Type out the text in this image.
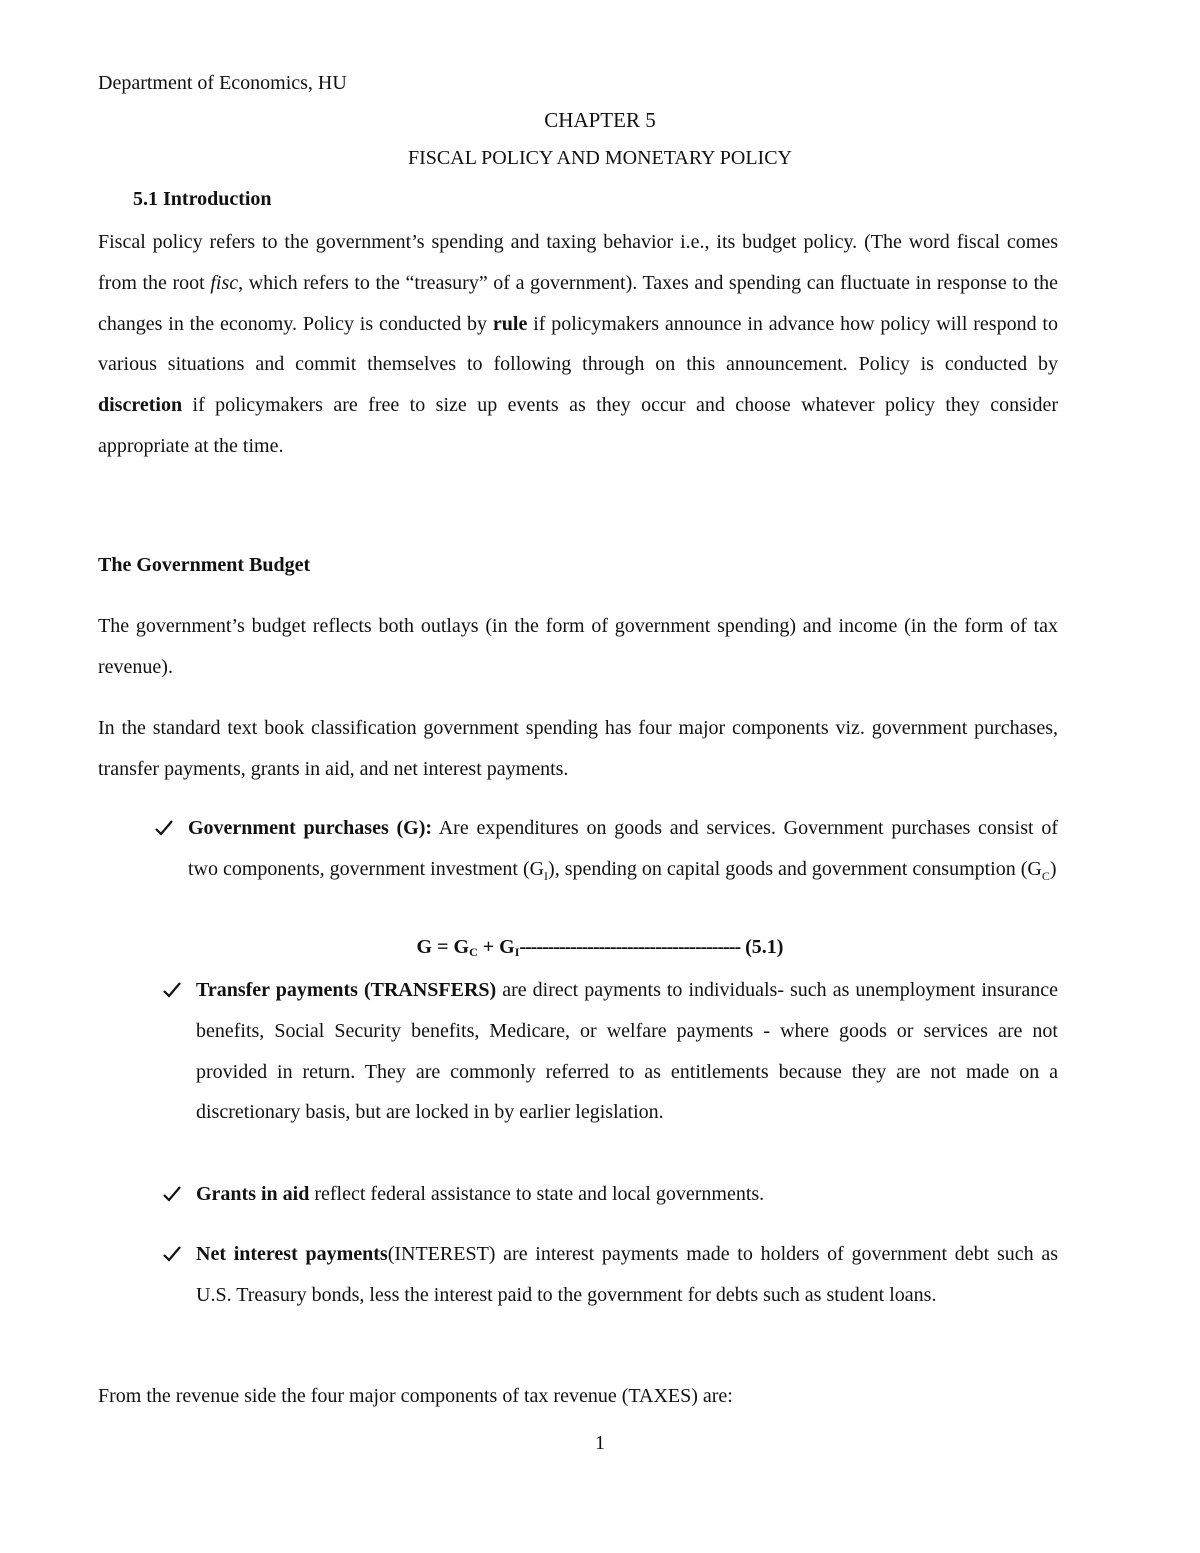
Department of Economics, HU
CHAPTER 5
FISCAL POLICY AND MONETARY POLICY
5.1 Introduction
Fiscal policy refers to the government’s spending and taxing behavior i.e., its budget policy. (The word fiscal comes from the root fisc, which refers to the “treasury” of a government). Taxes and spending can fluctuate in response to the changes in the economy. Policy is conducted by rule if policymakers announce in advance how policy will respond to various situations and commit themselves to following through on this announcement. Policy is conducted by discretion if policymakers are free to size up events as they occur and choose whatever policy they consider appropriate at the time.
The Government Budget
The government’s budget reflects both outlays (in the form of government spending) and income (in the form of tax revenue).
In the standard text book classification government spending has four major components viz. government purchases, transfer payments, grants in aid, and net interest payments.
Government purchases (G): Are expenditures on goods and services. Government purchases consist of two components, government investment $(G_I)$, spending on capital goods and government consumption $(G_C)$
$G = G_C + G_I---------------------------------------$ (5.1)
Transfer payments (TRANSFERS) are direct payments to individuals- such as unemployment insurance benefits, Social Security benefits, Medicare, or welfare payments - where goods or services are not provided in return. They are commonly referred to as entitlements because they are not made on a discretionary basis, but are locked in by earlier legislation.
Grants in aid reflect federal assistance to state and local governments.
Net interest payments(INTEREST) are interest payments made to holders of government debt such as U.S. Treasury bonds, less the interest paid to the government for debts such as student loans.
From the revenue side the four major components of tax revenue (TAXES) are:
1
